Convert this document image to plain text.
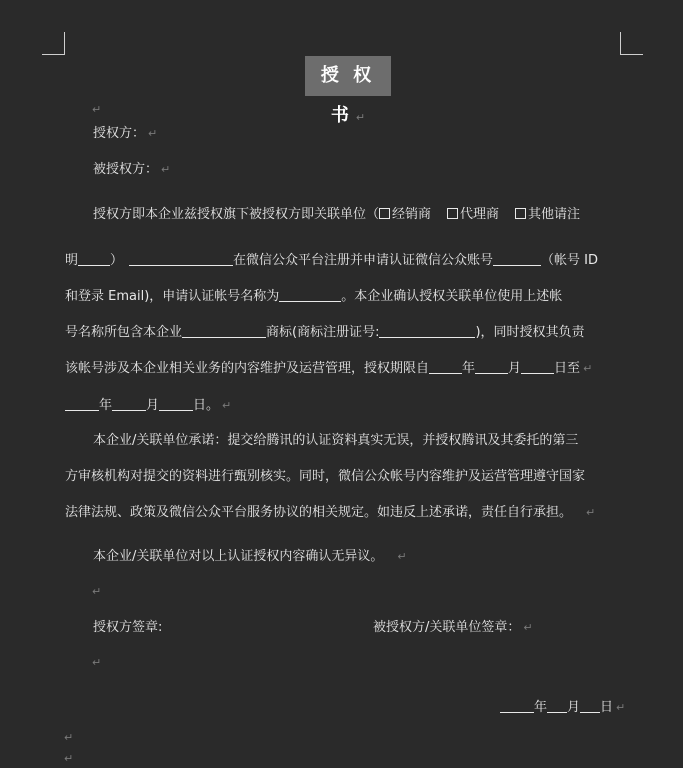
授 权 书 ↵
↵
授权方： ↵
被授权方： ↵
授权方即本企业兹授权旗下被授权方即关联单位（ 经销商 代理商 其他请注
明 ）	在微信公众平台注册并申请认证微信公众账号	（帐号 ID
和登录 Email)，申请认证帐号名称为	。本企业确认授权关联单位使用上述帐
号名称所包含本企业	商标(商标注册证号:	)，同时授权其负责
该帐号涉及本企业相关业务的内容维护及运营管理，授权期限自	年	月	日至 ↵
年	月	日。 ↵
本企业/关联单位承诺：提交给腾讯的认证资料真实无误，并授权腾讯及其委托的第三
方审核机构对提交的资料进行甄别核实。同时，微信公众帐号内容维护及运营管理遵守国家
法律法规、政策及微信公众平台服务协议的相关规定。如违反上述承诺，责任自行承担。 ↵
本企业/关联单位对以上认证授权内容确认无异议。 ↵
↵
授权方签章:	被授权方/关联单位签章： ↵
↵
年 月 日 ↵
↵
↵
